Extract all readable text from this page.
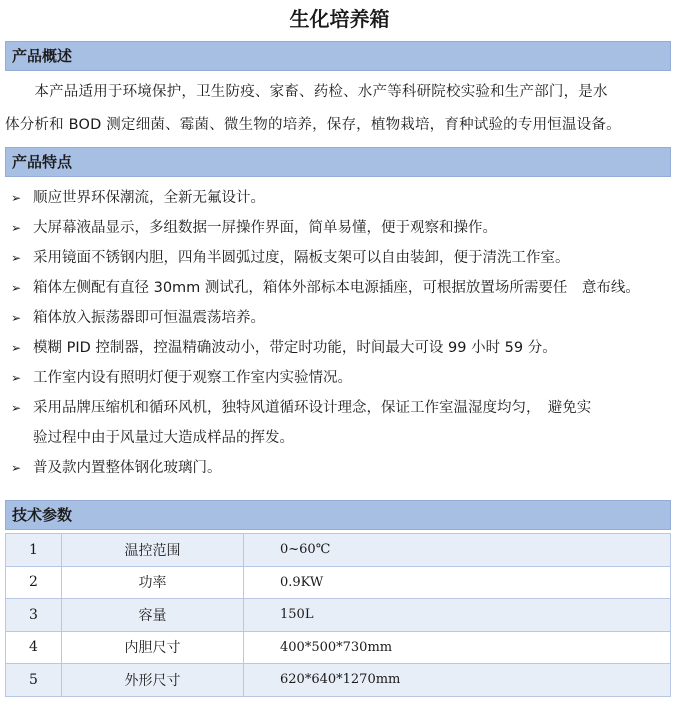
生化培养箱
产品概述
　　本产品适用于环境保护，卫生防疫、家畜、药检、水产等科研院校实验和生产部门，是水
体分析和 BOD 测定细菌、霉菌、微生物的培养，保存，植物栽培，育种试验的专用恒温设备。
产品特点
➢ 顺应世界环保潮流，全新无氟设计。
➢ 大屏幕液晶显示，多组数据一屏操作界面，简单易懂，便于观察和操作。
➢ 采用镜面不锈钢内胆，四角半圆弧过度，隔板支架可以自由装卸，便于清洗工作室。
➢ 箱体左侧配有直径 30mm 测试孔，箱体外部标本电源插座，可根据放置场所需要任　意布线。
➢ 箱体放入振荡器即可恒温震荡培养。
➢ 模糊 PID 控制器，控温精确波动小，带定时功能，时间最大可设 99 小时 59 分。
➢ 工作室内设有照明灯便于观察工作室内实验情况。
➢ 采用品牌压缩机和循环风机，独特风道循环设计理念，保证工作室温湿度均匀，　避免实
验过程中由于风量过大造成样品的挥发。
➢ 普及款内置整体钢化玻璃门。
技术参数
1	温控范围	0~60℃
2	功率	0.9KW
3	容量	150L
4	内胆尺寸	400*500*730mm
5	外形尺寸	620*640*1270mm
